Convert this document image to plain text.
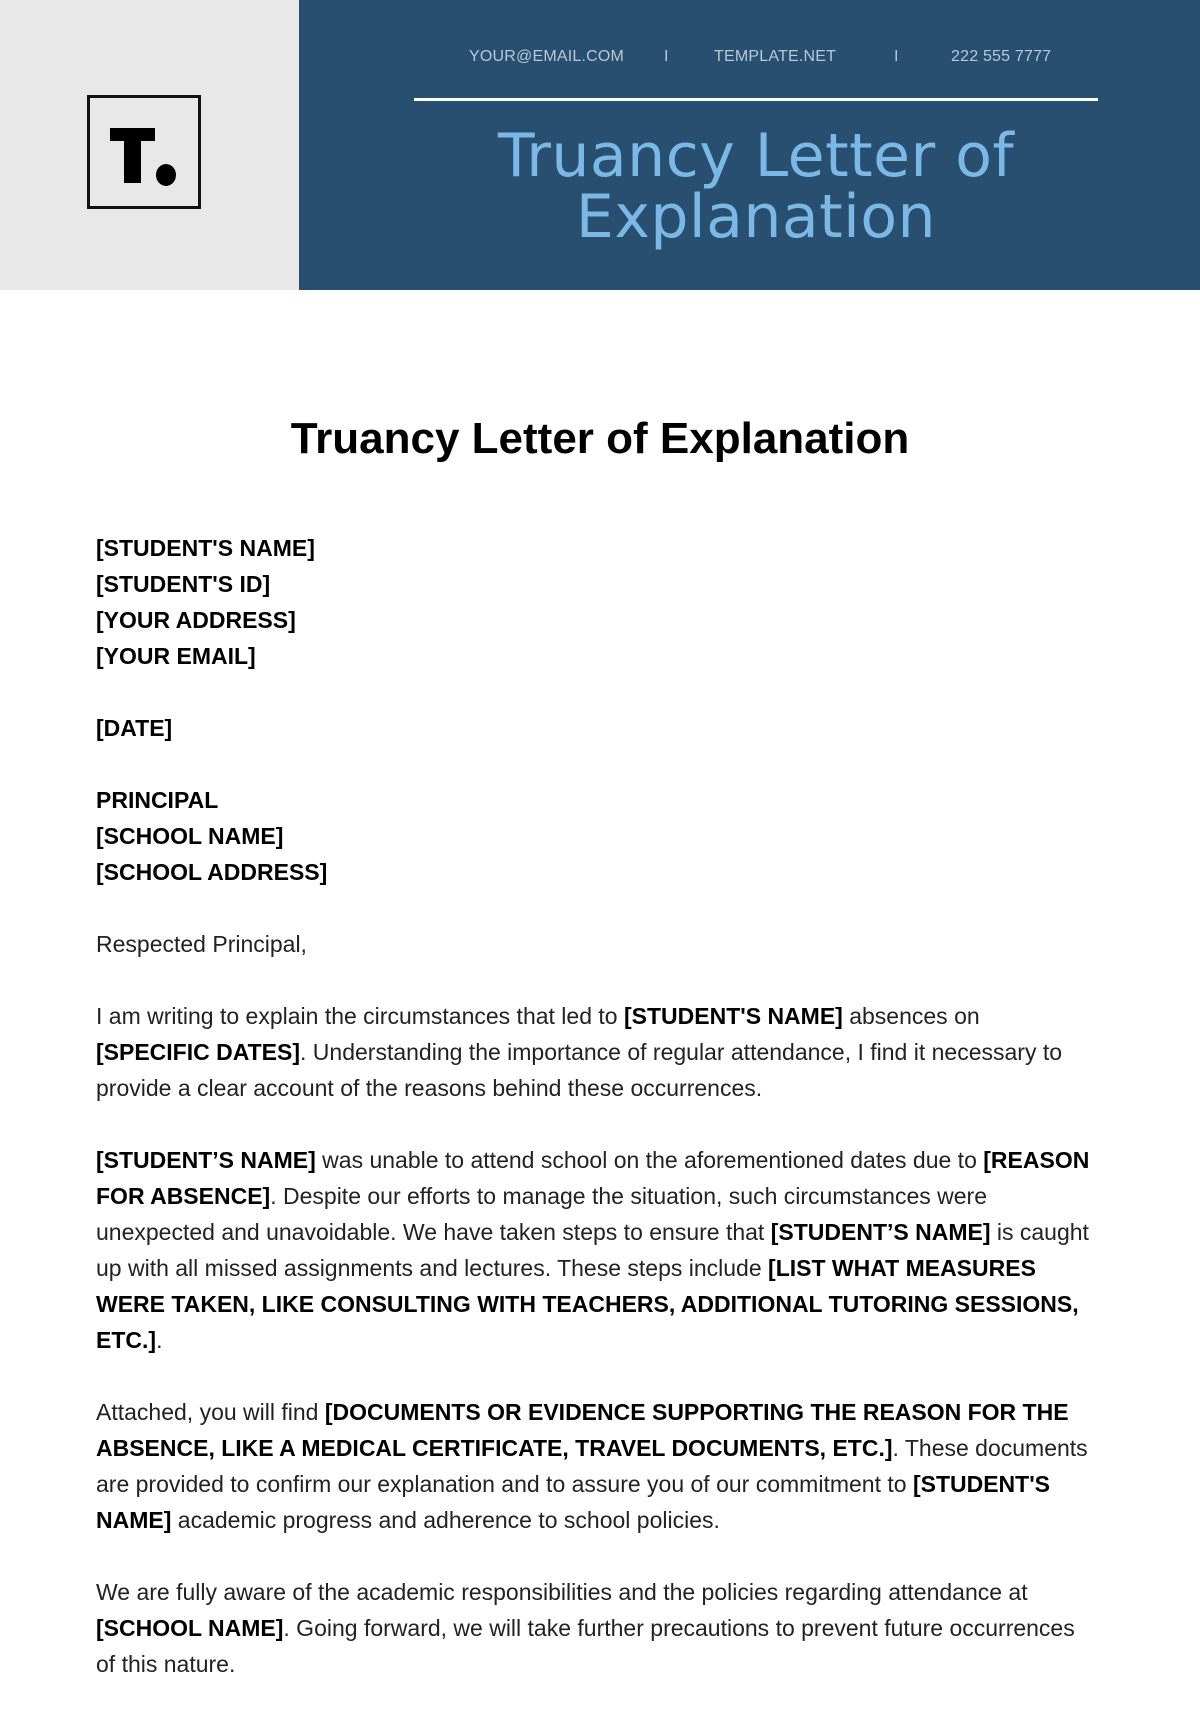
YOUR@EMAIL.COM I	TEMPLATE.NET	I	222 555 7777
Truancy Letter of
Explanation
Truancy Letter of Explanation

[STUDENT'S NAME]
[STUDENT'S ID]
[YOUR ADDRESS]
[YOUR EMAIL]

[DATE]

PRINCIPAL
[SCHOOL NAME]
[SCHOOL ADDRESS]

Respected Principal,

I am writing to explain the circumstances that led to [STUDENT'S NAME] absences on [SPECIFIC DATES]. Understanding the importance of regular attendance, I find it necessary to provide a clear account of the reasons behind these occurrences.

[STUDENT’S NAME] was unable to attend school on the aforementioned dates due to [REASON FOR ABSENCE]. Despite our efforts to manage the situation, such circumstances were unexpected and unavoidable. We have taken steps to ensure that [STUDENT’S NAME] is caught up with all missed assignments and lectures. These steps include [LIST WHAT MEASURES WERE TAKEN, LIKE CONSULTING WITH TEACHERS, ADDITIONAL TUTORING SESSIONS, ETC.].

Attached, you will find [DOCUMENTS OR EVIDENCE SUPPORTING THE REASON FOR THE ABSENCE, LIKE A MEDICAL CERTIFICATE, TRAVEL DOCUMENTS, ETC.]. These documents are provided to confirm our explanation and to assure you of our commitment to [STUDENT'S NAME] academic progress and adherence to school policies.

We are fully aware of the academic responsibilities and the policies regarding attendance at [SCHOOL NAME]. Going forward, we will take further precautions to prevent future occurrences of this nature.
